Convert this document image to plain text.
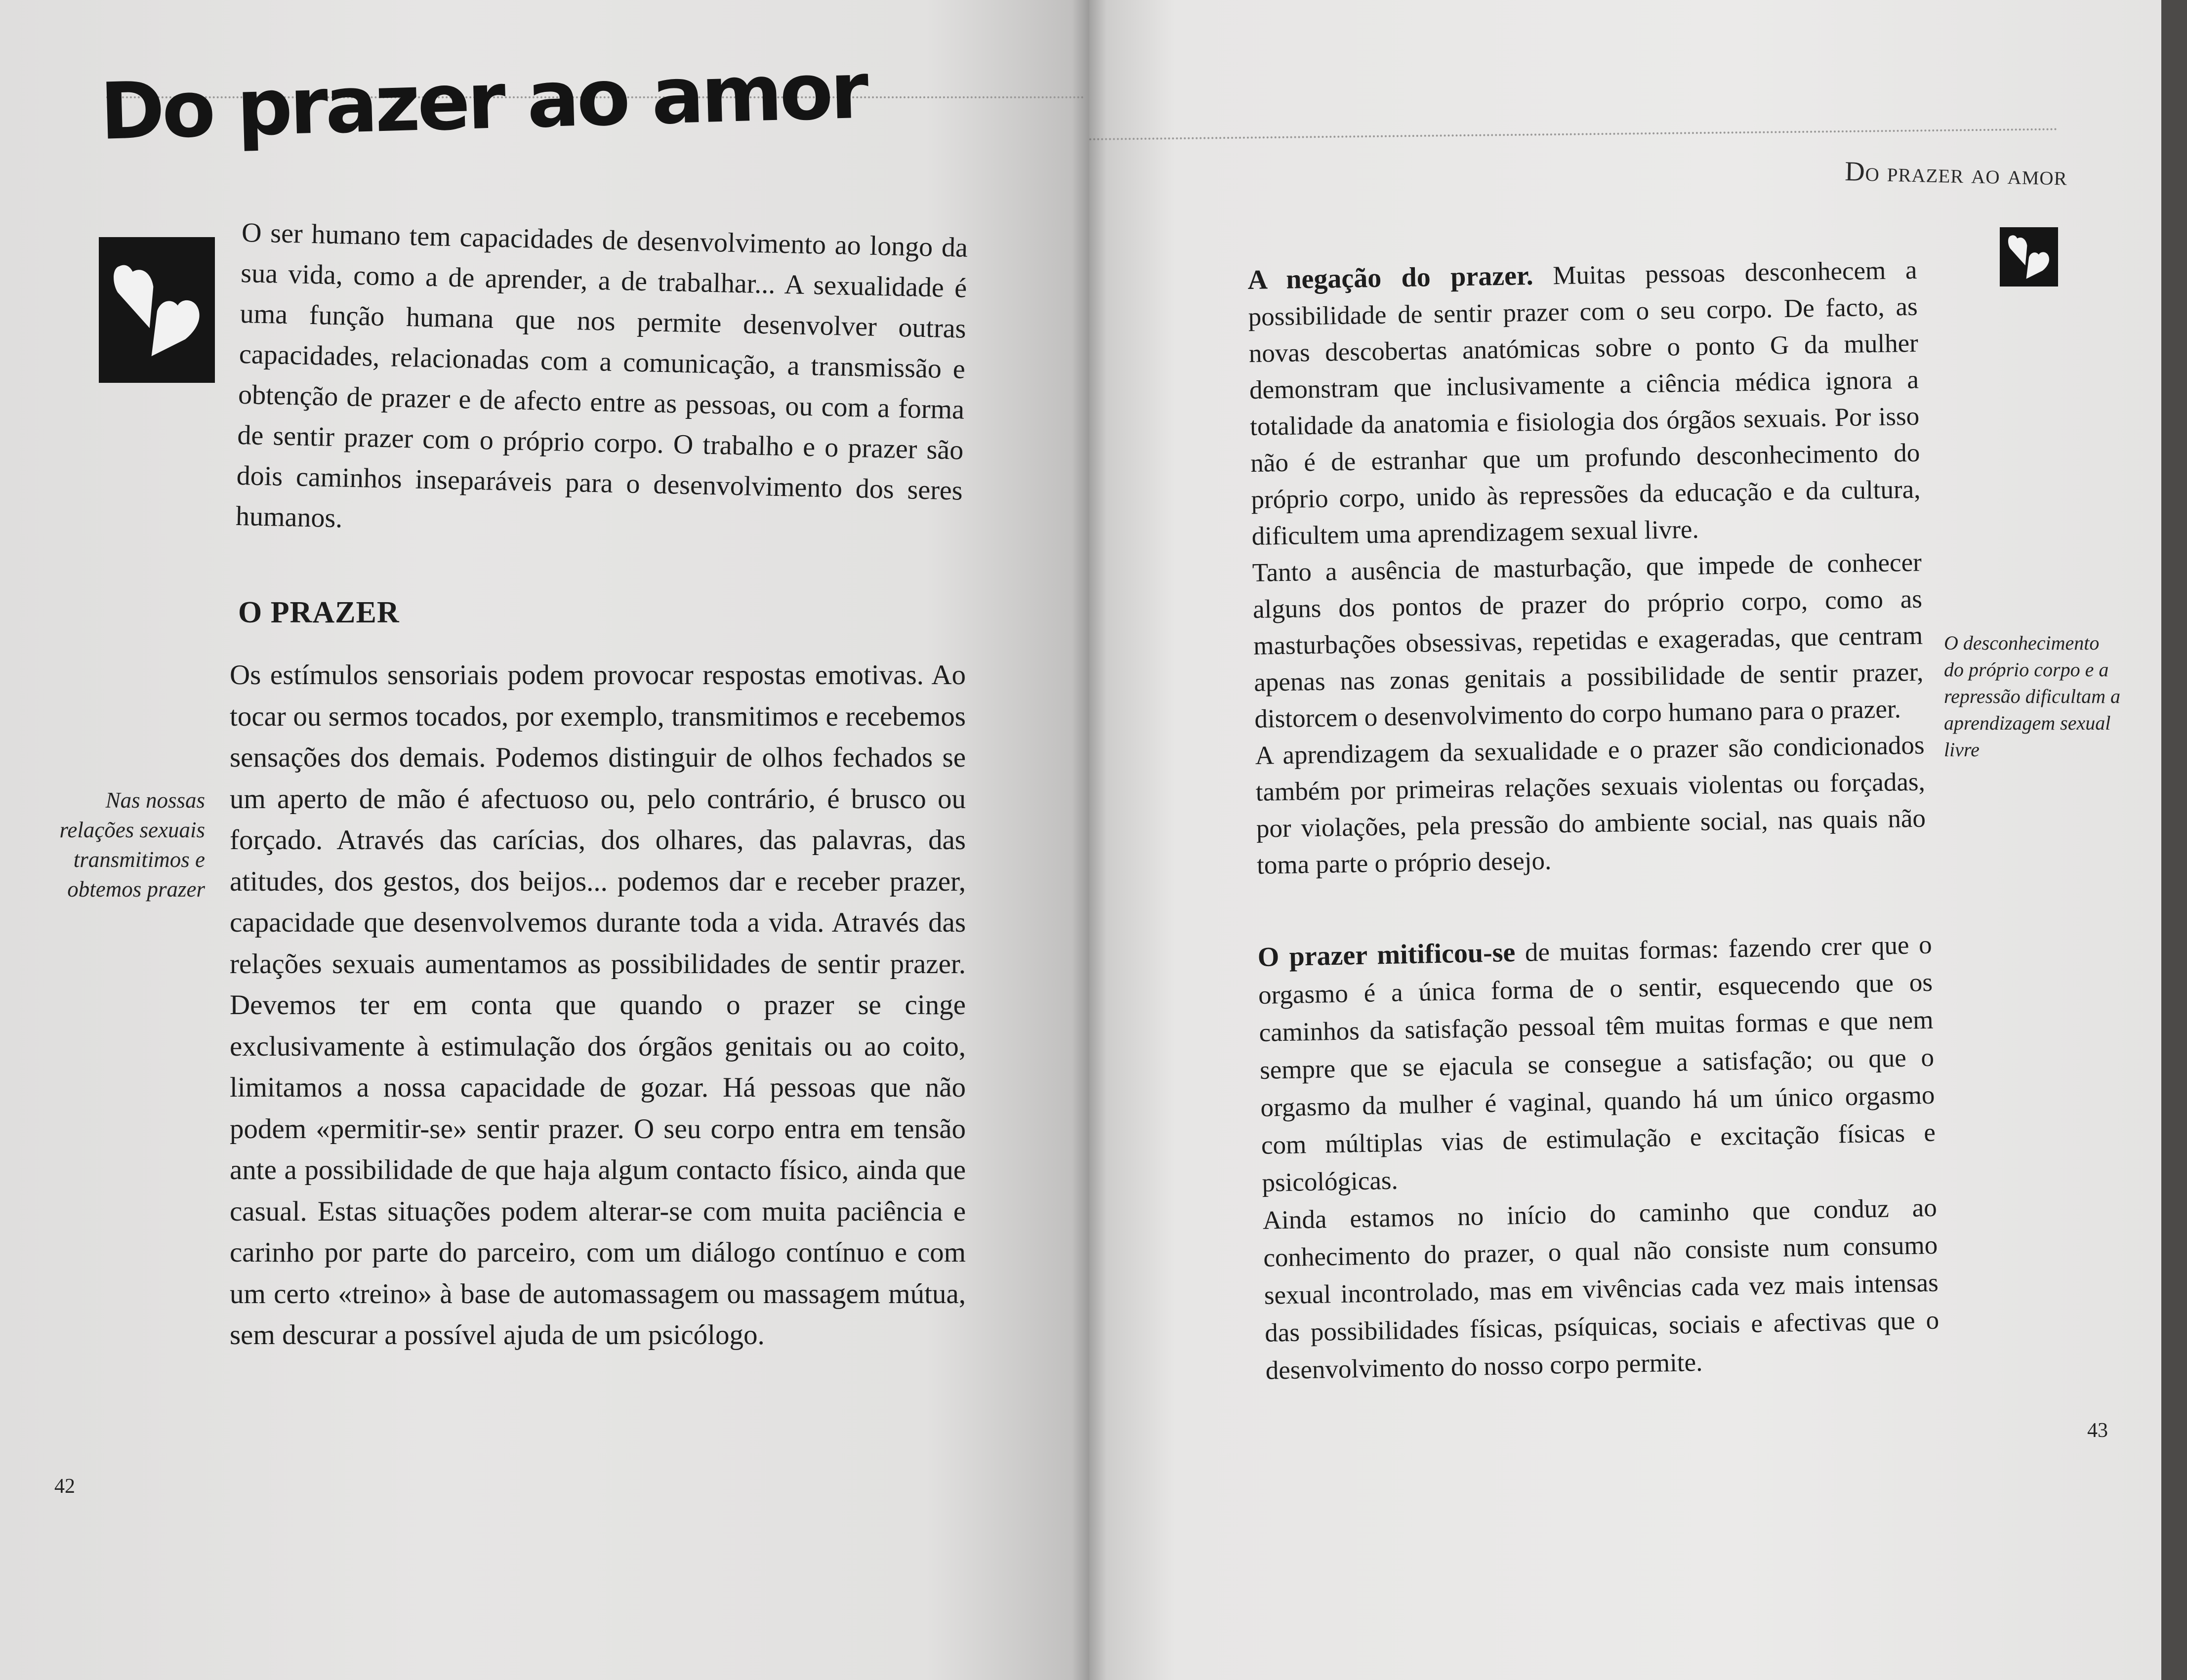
Do prazer ao amor

O ser humano tem capacidades de desenvolvimento ao longo da sua vida, como a de aprender, a de trabalhar... A sexualidade é uma função humana que nos permite desenvolver outras capacidades, relacionadas com a comunicação, a transmissão e obtenção de prazer e de afecto entre as pessoas, ou com a forma de sentir prazer com o próprio corpo. O trabalho e o prazer são dois caminhos inseparáveis para o desenvolvimento dos seres humanos.

O PRAZER

Os estímulos sensoriais podem provocar respostas emotivas. Ao tocar ou sermos tocados, por exemplo, transmitimos e recebemos sensações dos demais. Podemos distinguir de olhos fechados se um aperto de mão é afectuoso ou, pelo contrário, é brusco ou forçado. Através das carícias, dos olhares, das palavras, das atitudes, dos gestos, dos beijos... podemos dar e receber prazer, capacidade que desenvolvemos durante toda a vida. Através das relações sexuais aumentamos as possibilidades de sentir prazer. Devemos ter em conta que quando o prazer se cinge exclusivamente à estimulação dos órgãos genitais ou ao coito, limitamos a nossa capacidade de gozar. Há pessoas que não podem «permitir-se» sentir prazer. O seu corpo entra em tensão ante a possibilidade de que haja algum contacto físico, ainda que casual. Estas situações podem alterar-se com muita paciência e carinho por parte do parceiro, com um diálogo contínuo e com um certo «treino» à base de automassagem ou massagem mútua, sem descurar a possível ajuda de um psicólogo.

Nas nossas relações sexuais transmitimos e obtemos prazer

42

Do prazer ao amor

A negação do prazer. Muitas pessoas desconhecem a possibilidade de sentir prazer com o seu corpo. De facto, as novas descobertas anatómicas sobre o ponto G da mulher demonstram que inclusivamente a ciência médica ignora a totalidade da anatomia e fisiologia dos órgãos sexuais. Por isso não é de estranhar que um profundo desconhecimento do próprio corpo, unido às repressões da educação e da cultura, dificultem uma aprendizagem sexual livre.

Tanto a ausência de masturbação, que impede de conhecer alguns dos pontos de prazer do próprio corpo, como as masturbações obsessivas, repetidas e exageradas, que centram apenas nas zonas genitais a possibilidade de sentir prazer, distorcem o desenvolvimento do corpo humano para o prazer.

A aprendizagem da sexualidade e o prazer são condicionados também por primeiras relações sexuais violentas ou forçadas, por violações, pela pressão do ambiente social, nas quais não toma parte o próprio desejo.

O prazer mitificou-se de muitas formas: fazendo crer que o orgasmo é a única forma de o sentir, esquecendo que os caminhos da satisfação pessoal têm muitas formas e que nem sempre que se ejacula se consegue a satisfação; ou que o orgasmo da mulher é vaginal, quando há um único orgasmo com múltiplas vias de estimulação e excitação físicas e psicológicas.

Ainda estamos no início do caminho que conduz ao conhecimento do prazer, o qual não consiste num consumo sexual incontrolado, mas em vivências cada vez mais intensas das possibilidades físicas, psíquicas, sociais e afectivas que o desenvolvimento do nosso corpo permite.

O desconhecimento do próprio corpo e a repressão dificultam a aprendizagem sexual livre

43
